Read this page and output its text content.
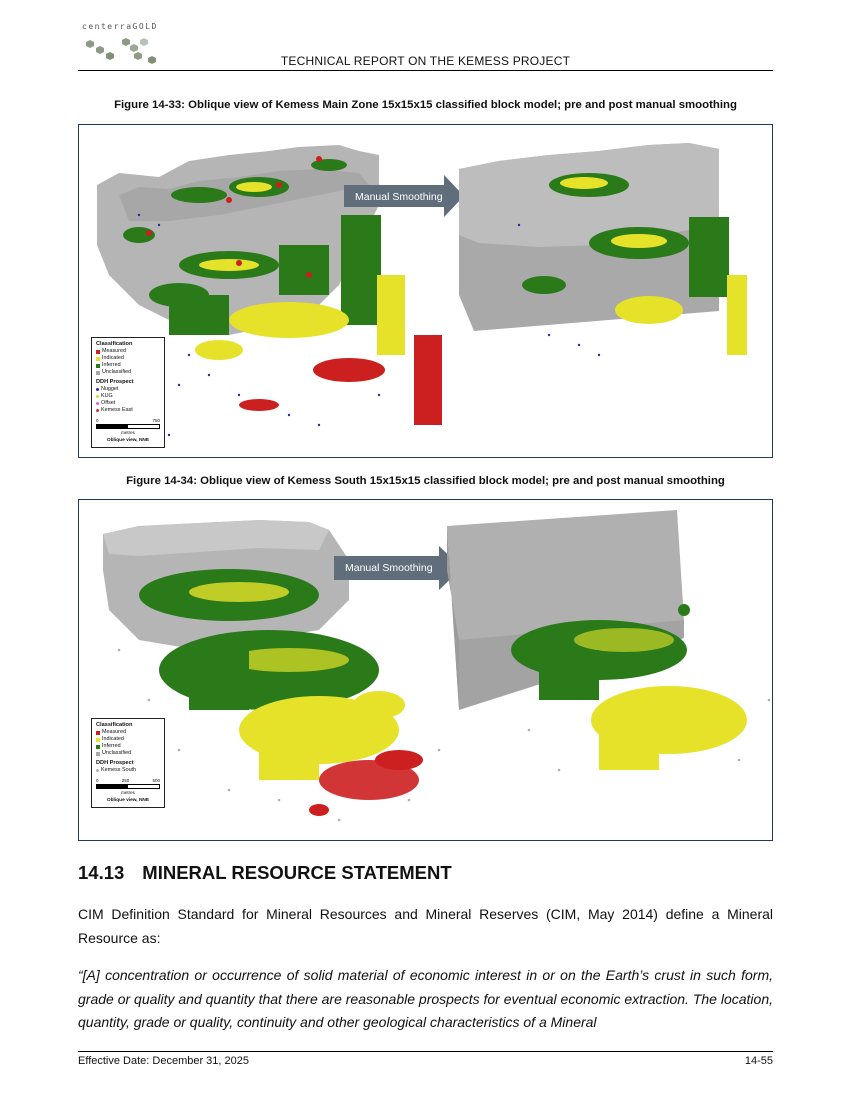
centerraGOLD
TECHNICAL REPORT ON THE KEMESS PROJECT
Figure 14-33: Oblique view of Kemess Main Zone 15x15x15 classified block model; pre and post manual smoothing
Manual Smoothing
Classification
Measured
Indicated
Inferred
Unclassified
DDH Prospect
Nugget
KUG
Offset
Kemess East
0	750
metres
Oblique view, NNE
Figure 14-34: Oblique view of Kemess South 15x15x15 classified block model; pre and post manual smoothing
Manual Smoothing
Classification
Measured
Indicated
Inferred
Unclassified
DDH Prospect
Kemess South
0	250	500
metres
Oblique view, NNE
14.13 MINERAL RESOURCE STATEMENT
CIM Definition Standard for Mineral Resources and Mineral Reserves (CIM, May 2014) define a Mineral Resource as:
“[A] concentration or occurrence of solid material of economic interest in or on the Earth’s crust in such form, grade or quality and quantity that there are reasonable prospects for eventual economic extraction. The location, quantity, grade or quality, continuity and other geological characteristics of a Mineral
Effective Date: December 31, 2025	14-55
